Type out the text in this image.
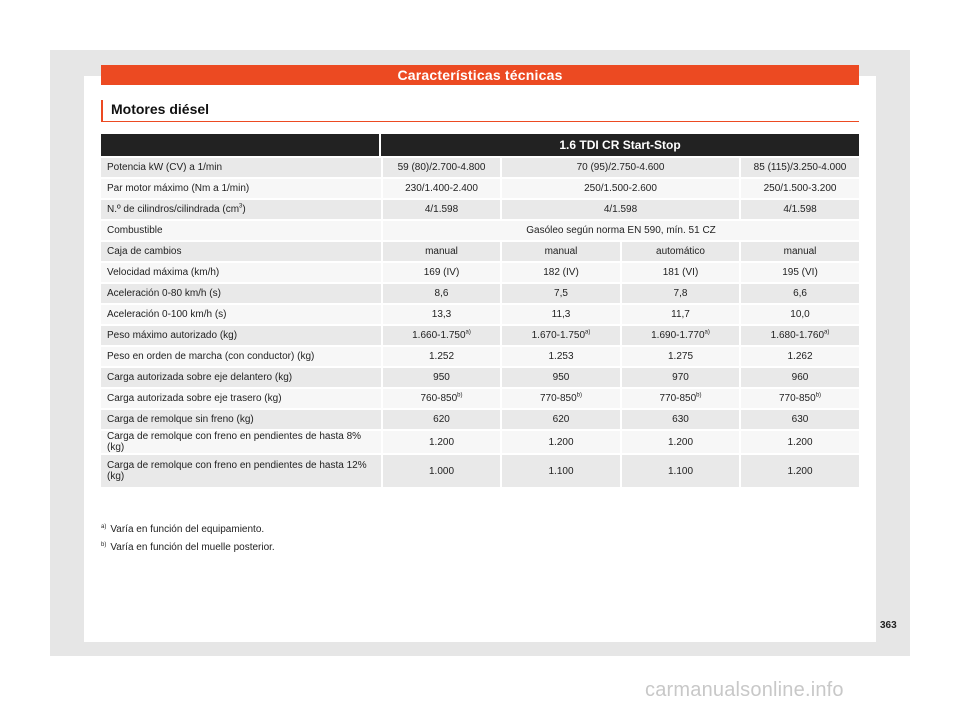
Características técnicas
Motores diésel
	1.6 TDI CR Start-Stop			
Potencia kW (CV) a 1/min	59 (80)/2.700-4.800	70 (95)/2.750-4.600		85 (115)/3.250-4.000
Par motor máximo (Nm a 1/min)	230/1.400-2.400	250/1.500-2.600		250/1.500-3.200
N.º de cilindros/cilindrada $(cm^3)$	4/1.598	4/1.598		4/1.598
Combustible	Gasóleo según norma EN 590, mín. 51 CZ			
Caja de cambios	manual	manual	automático	manual
Velocidad máxima (km/h)	169 (IV)	182 (IV)	181 (VI)	195 (VI)
Aceleración 0-80 km/h (s)	8,6	7,5	7,8	6,6
Aceleración 0-100 km/h (s)	13,3	11,3	11,7	10,0
Peso máximo autorizado (kg)	1.660-1.750$^{a)}$	1.670-1.750$^{a)}$	1.690-1.770$^{a)}$	1.680-1.760$^{a)}$
Peso en orden de marcha (con conductor) (kg)	1.252	1.253	1.275	1.262
Carga autorizada sobre eje delantero (kg)	950	950	970	960
Carga autorizada sobre eje trasero (kg)	760-850$^{b)}$	770-850$^{b)}$	770-850$^{b)}$	770-850$^{b)}$
Carga de remolque sin freno (kg)	620	620	630	630
Carga de remolque con freno en pendientes de hasta 8% (kg)	1.200	1.200	1.200	1.200
Carga de remolque con freno en pendientes de hasta 12% (kg)	1.000	1.100	1.100	1.200
$^{a)}$ Varía en función del equipamiento.
$^{b)}$ Varía en función del muelle posterior.
363
carmanualsonline.info
